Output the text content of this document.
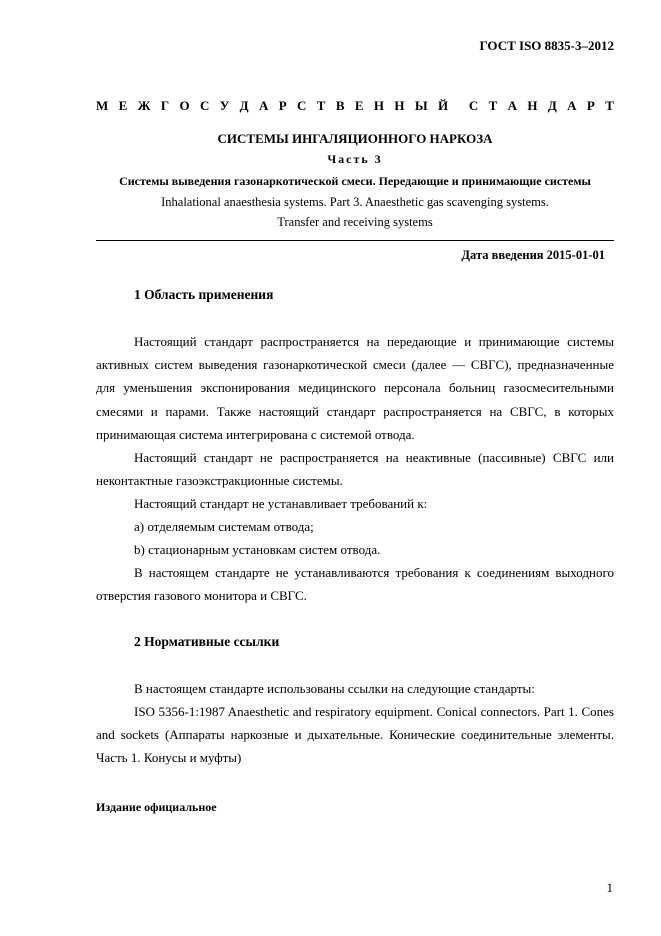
ГОСТ ISO 8835-3–2012
М Е Ж Г О С У Д А Р С Т В Е Н Н Ы Й С Т А Н Д А Р Т
СИСТЕМЫ ИНГАЛЯЦИОННОГО НАРКОЗА
Часть 3
Системы выведения газонаркотической смеси. Передающие и принимающие системы
Inhalational anaesthesia systems. Part 3. Anaesthetic gas scavenging systems.
Transfer and receiving systems
Дата введения 2015-01-01
1 Область применения
Настоящий стандарт распространяется на передающие и принимающие системы активных систем выведения газонаркотической смеси (далее — СВГС), предназначенные для уменьшения экспонирования медицинского персонала больниц газосмесительными смесями и парами. Также настоящий стандарт распространяется на СВГС, в которых принимающая система интегрирована с системой отвода.
Настоящий стандарт не распространяется на неактивные (пассивные) СВГС или неконтактные газоэкстракционные системы.
Настоящий стандарт не устанавливает требований к:
а) отделяемым системам отвода;
b) стационарным установкам систем отвода.
В настоящем стандарте не устанавливаются требования к соединениям выходного отверстия газового монитора и СВГС.
2 Нормативные ссылки
В настоящем стандарте использованы ссылки на следующие стандарты:
ISO 5356-1:1987 Anaesthetic and respiratory equipment. Conical connectors. Part 1. Cones and sockets (Аппараты наркозные и дыхательные. Конические соединительные элементы. Часть 1. Конусы и муфты)
Издание официальное
1
